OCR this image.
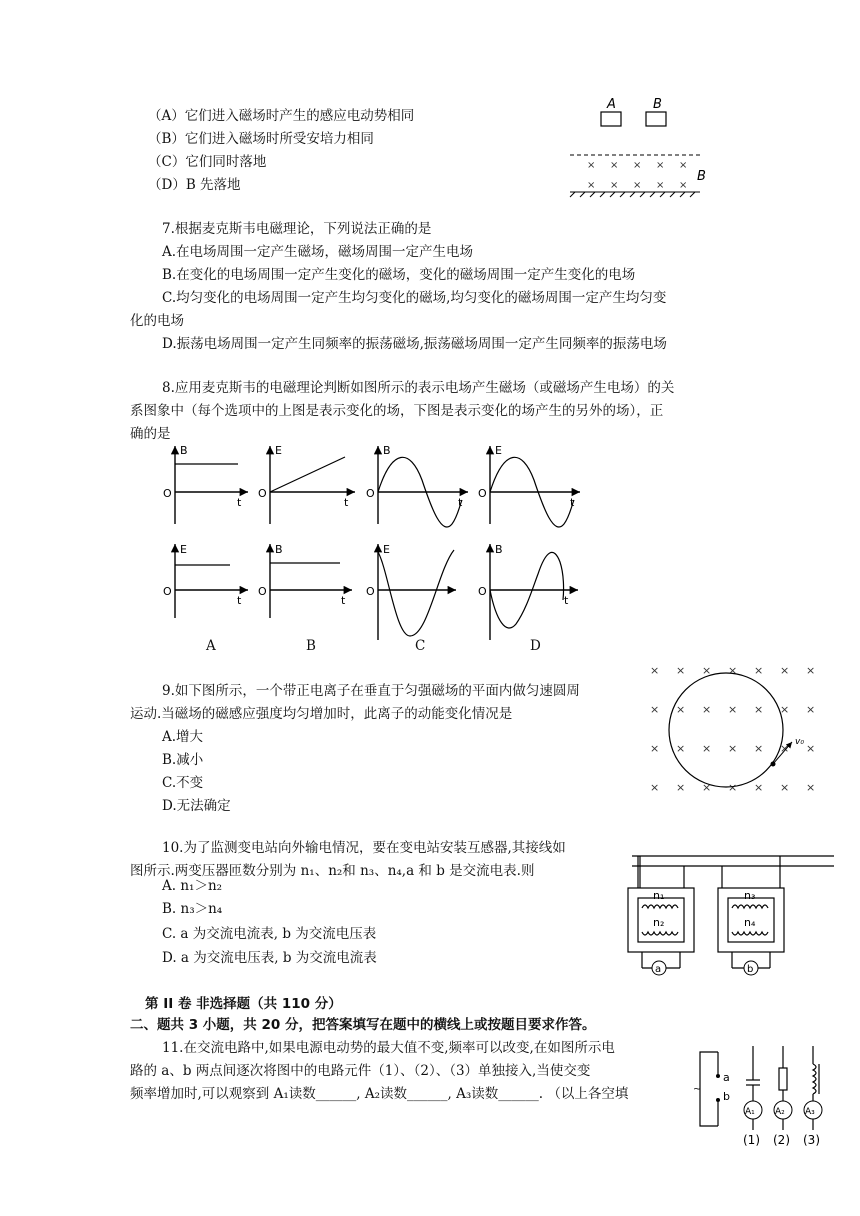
（A）它们进入磁场时产生的感应电动势相同
（B）它们进入磁场时所受安培力相同
（C）它们同时落地
（D）B 先落地
A	B
× × × × ×
× × × × ×
B
7.根据麦克斯韦电磁理论，下列说法正确的是
A.在电场周围一定产生磁场，磁场周围一定产生电场
B.在变化的电场周围一定产生变化的磁场，变化的磁场周围一定产生变化的电场
C.均匀变化的电场周围一定产生均匀变化的磁场,均匀变化的磁场周围一定产生均匀变
化的电场
D.振荡电场周围一定产生同频率的振荡磁场,振荡磁场周围一定产生同频率的振荡电场
8.应用麦克斯韦的电磁理论判断如图所示的表示电场产生磁场（或磁场产生电场）的关
系图象中（每个选项中的上图是表示变化的场，下图是表示变化的场产生的另外的场），正
确的是
B
O
t
E
O
t
B
O
t
E
O
t
E
O
t
B
O
t
E
O
B
O
t
A	B	C	D
9.如下图所示，一个带正电离子在垂直于匀强磁场的平面内做匀速圆周
运动.当磁场的磁感应强度均匀增加时，此离子的动能变化情况是
A.增大
B.减小
C.不变
D.无法确定
× × × × × × ×
× × × × × × ×
× × × × × × ×
× × × × × × ×
v₀
10.为了监测变电站向外输电情况，要在变电站安装互感器,其接线如
图所示.两变压器匝数分别为 n₁、n₂和 n₃、n₄,a 和 b 是交流电表.则
A. n₁＞n₂
B. n₃＞n₄
C. a 为交流电流表, b 为交流电压表
D. a 为交流电压表, b 为交流电流表
n₁
n₂
a
n₃
n₄
b
第 II 卷 非选择题（共 110 分）
二、题共 3 小题，共 20 分，把答案填写在题中的横线上或按题目要求作答。
11.在交流电路中,如果电源电动势的最大值不变,频率可以改变,在如图所示电
路的 a、b 两点间逐次将图中的电路元件（1）、（2）、（3）单独接入,当使交变
频率增加时,可以观察到 A₁读数______, A₂读数______, A₃读数______. （以上各空填	~
a
b
A₁
(1)
A₂
(2)
A₃
(3)
